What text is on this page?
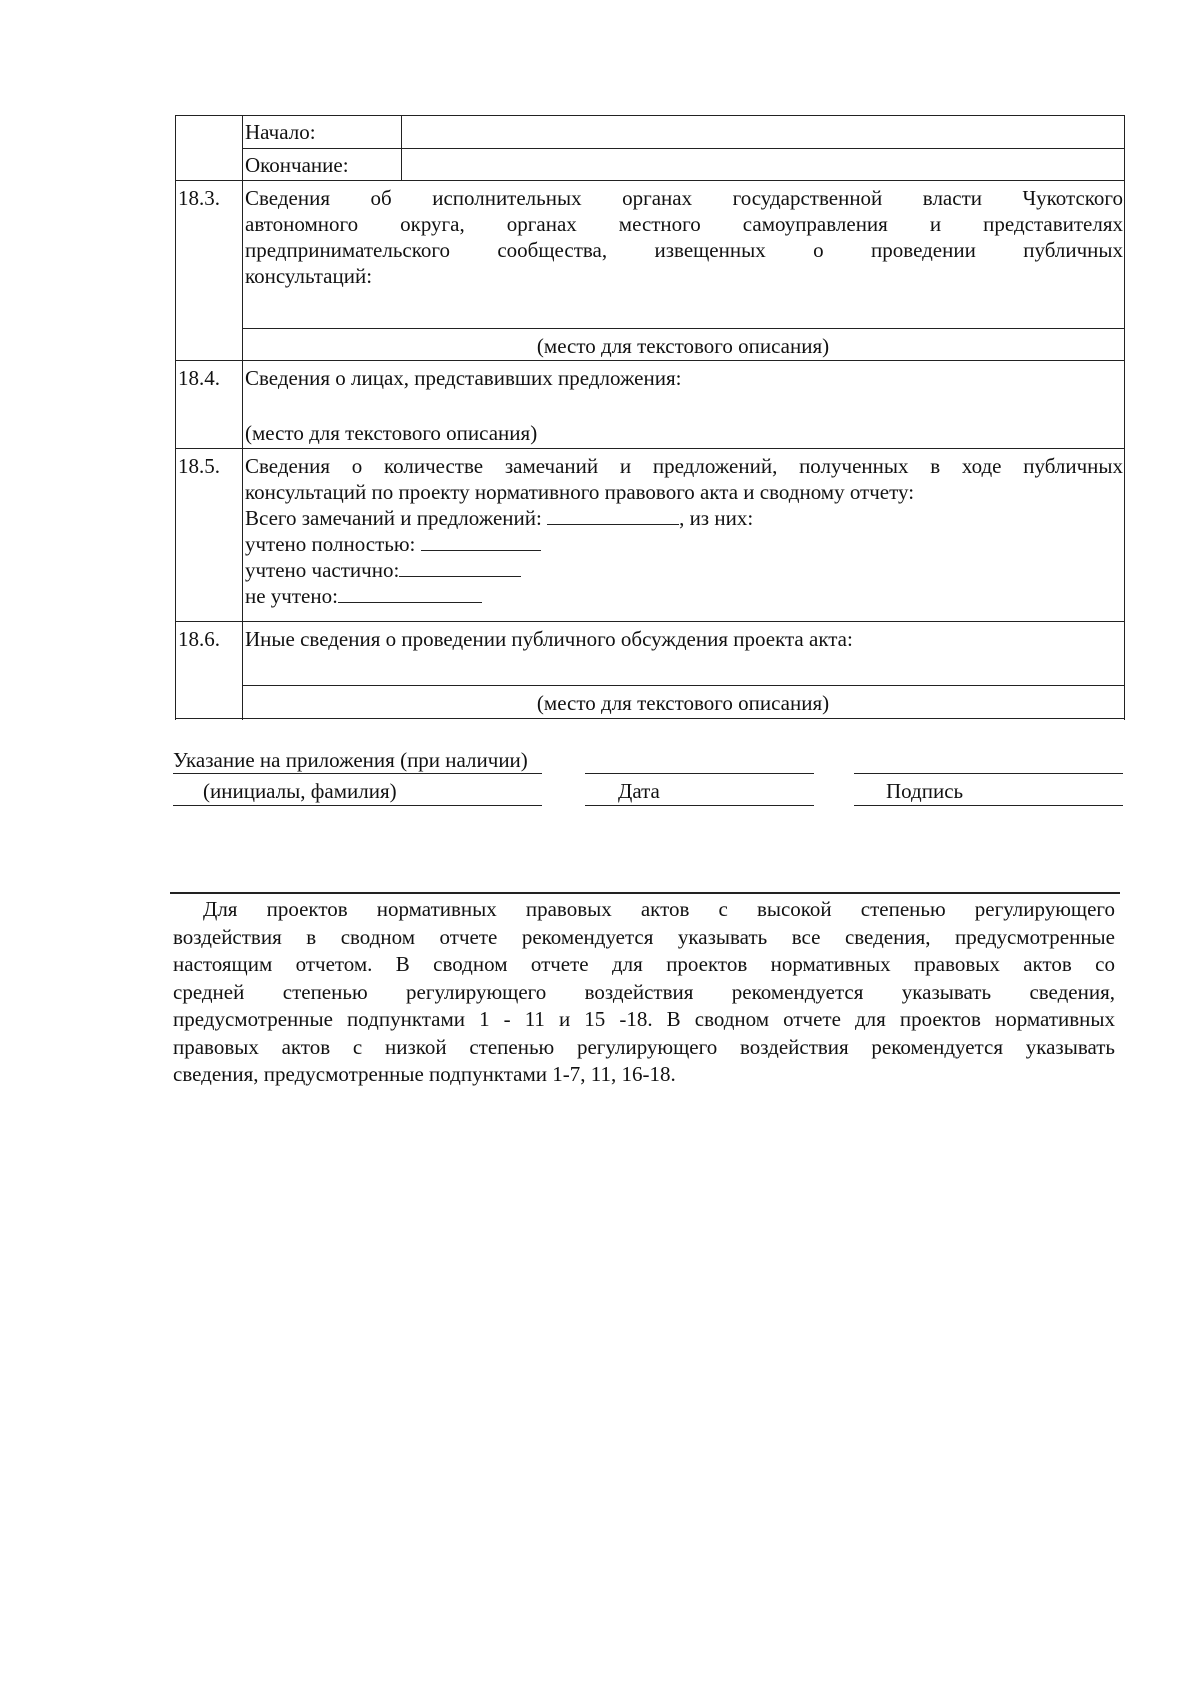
Начало:
Окончание:
18.3. Сведения об исполнительных органах государственной власти Чукотского
автономного округа, органах местного самоуправления и представителях
предпринимательского сообщества, извещенных о проведении публичных
консультаций:
(место для текстового описания)
18.4. Сведения о лицах, представивших предложения:
(место для текстового описания)
18.5. Сведения о количестве замечаний и предложений, полученных в ходе публичных
консультаций по проекту нормативного правового акта и сводному отчету:
Всего замечаний и предложений:	, из них:
учтено полностью:
учтено частично:
не учтено:
18.6. Иные сведения о проведении публичного обсуждения проекта акта:
(место для текстового описания)
Указание на приложения (при наличии)
(инициалы, фамилия)	Дата	Подпись
Для проектов нормативных правовых актов с высокой степенью регулирующего
воздействия в сводном отчете рекомендуется указывать все сведения, предусмотренные
настоящим отчетом. В сводном отчете для проектов нормативных правовых актов со
средней степенью регулирующего воздействия рекомендуется указывать сведения,
предусмотренные подпунктами 1 - 11 и 15 -18. В сводном отчете для проектов нормативных
правовых актов с низкой степенью регулирующего воздействия рекомендуется указывать
сведения, предусмотренные подпунктами 1-7, 11, 16-18.
